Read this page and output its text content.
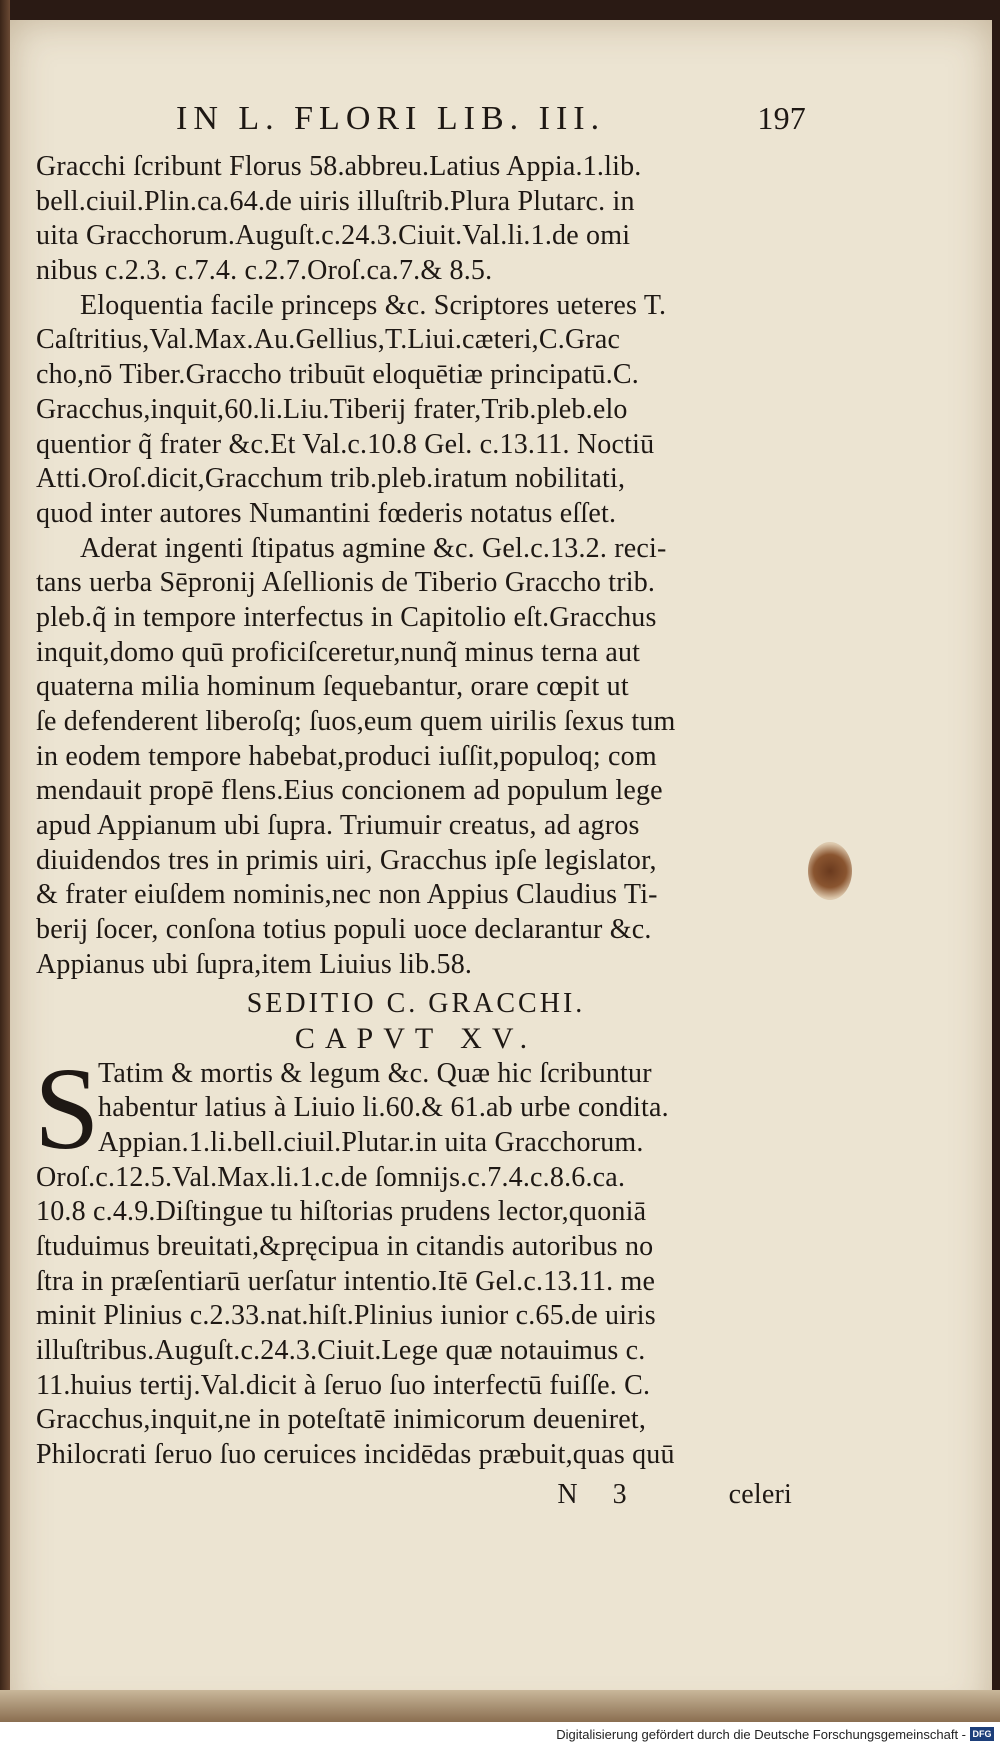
IN L. FLORI LIB. III.	197
Gracchi ſcribunt Florus 58.abbreu.Latius Appia.1.lib.
bell.ciuil.Plin.ca.64.de uiris illuſtrib.Plura Plutarc. in
uita Gracchorum.Auguſt.c.24.3.Ciuit.Val.li.1.de omi
nibus c.2.3. c.7.4. c.2.7.Oroſ.ca.7.& 8.5.
Eloquentia facile princeps &c. Scriptores ueteres T.
Caſtritius,Val.Max.Au.Gellius,T.Liui.cæteri,C.Grac
cho,nō Tiber.Graccho tribuūt eloquētiæ principatū.C.
Gracchus,inquit,60.li.Liu.Tiberij frater,Trib.pleb.elo
quentior q̃ frater &c.Et Val.c.10.8 Gel. c.13.11. Noctiū
Atti.Oroſ.dicit,Gracchum trib.pleb.iratum nobilitati,
quod inter autores Numantini fœderis notatus eſſet.
Aderat ingenti ſtipatus agmine &c. Gel.c.13.2. reci-
tans uerba Sēpronij Aſellionis de Tiberio Graccho trib.
pleb.q̃ in tempore interfectus in Capitolio eſt.Gracchus
inquit,domo quū proficiſceretur,nunq̃ minus terna aut
quaterna milia hominum ſequebantur, orare cœpit ut
ſe defenderent liberoſq; ſuos,eum quem uirilis ſexus tum
in eodem tempore habebat,produci iuſſit,populoq; com
mendauit propē flens.Eius concionem ad populum lege
apud Appianum ubi ſupra. Triumuir creatus, ad agros
diuidendos tres in primis uiri, Gracchus ipſe legislator,
& frater eiuſdem nominis,nec non Appius Claudius Ti-
berij ſocer, conſona totius populi uoce declarantur &c.
Appianus ubi ſupra,item Liuius lib.58.
SEDITIO C. GRACCHI.
CAPVT XV.
S
Tatim & mortis & legum &c. Quæ hic ſcribuntur
habentur latius à Liuio li.60.& 61.ab urbe condita.
Appian.1.li.bell.ciuil.Plutar.in uita Gracchorum.
Oroſ.c.12.5.Val.Max.li.1.c.de ſomnijs.c.7.4.c.8.6.ca.
10.8 c.4.9.Diſtingue tu hiſtorias prudens lector,quoniā
ſtuduimus breuitati,&pręcipua in citandis autoribus no
ſtra in præſentiarū uerſatur intentio.Itē Gel.c.13.11. me
minit Plinius c.2.33.nat.hiſt.Plinius iunior c.65.de uiris
illuſtribus.Auguſt.c.24.3.Ciuit.Lege quæ notauimus c.
11.huius tertij.Val.dicit à ſeruo ſuo interfectū fuiſſe. C.
Gracchus,inquit,ne in poteſtatē inimicorum deueniret,
Philocrati ſeruo ſuo ceruices incidēdas præbuit,quas quū
N 3	celeri
Digitalisierung gefördert durch die Deutsche Forschungsgemeinschaft - DFG
